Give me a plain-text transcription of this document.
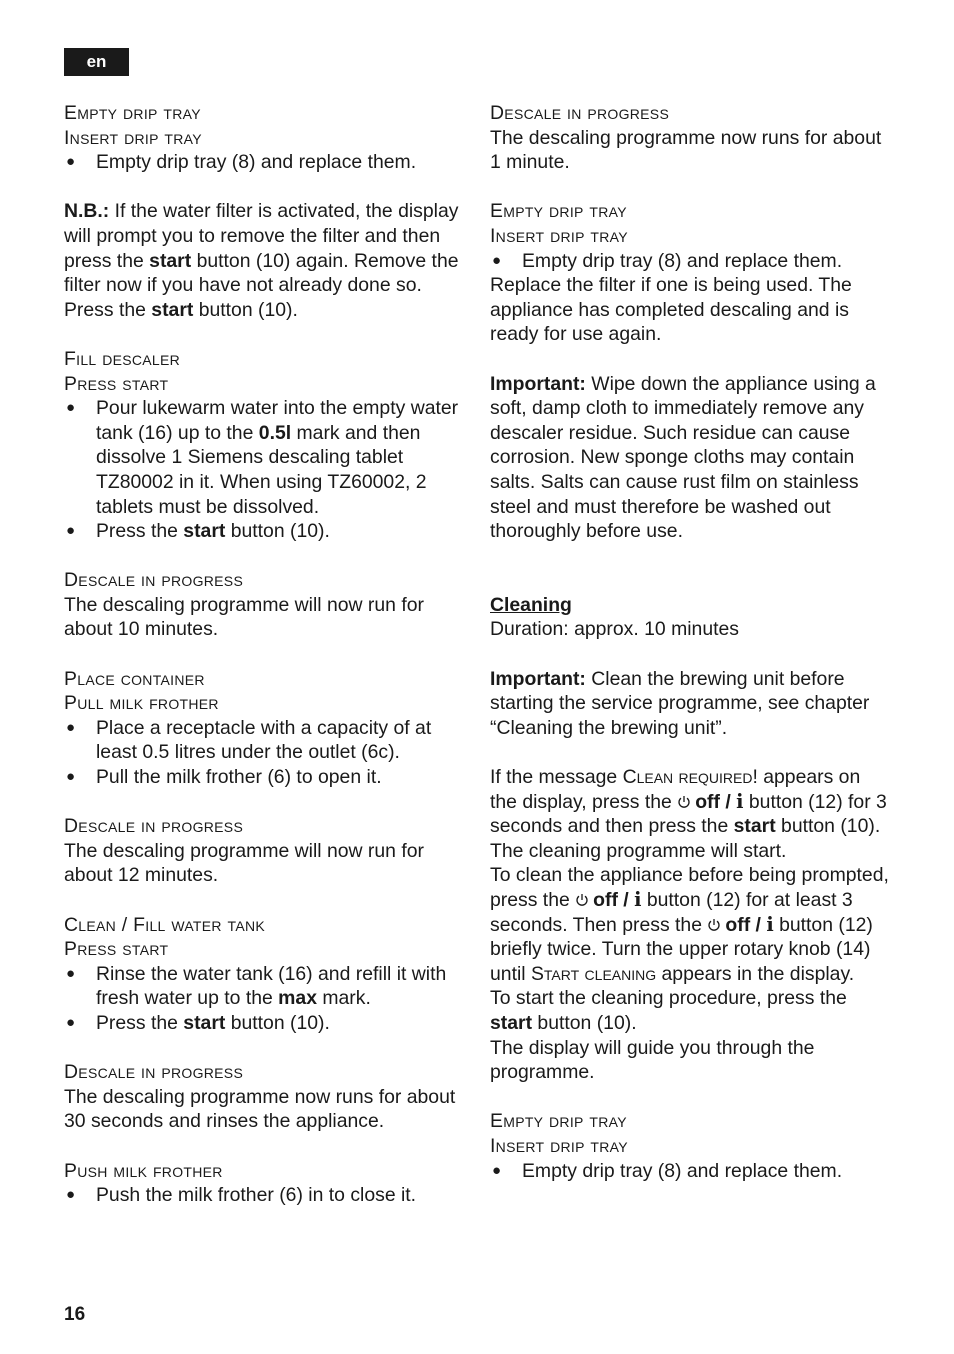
en

Empty drip tray

Insert drip tray

● Empty drip tray (8) and replace them.

N.B.: If the water filter is activated, the display will prompt you to remove the filter and then press the start button (10) again. Remove the filter now if you have not already done so. Press the start button (10).

Fill descaler

Press start

● Pour lukewarm water into the empty water tank (16) up to the 0.5l mark and then dissolve 1 Siemens descaling tablet TZ80002 in it. When using TZ60002, 2 tablets must be dissolved.

● Press the start button (10).

Descale in progress

The descaling programme will now run for about 10 minutes.

Place container

Pull milk frother

● Place a receptacle with a capacity of at least 0.5 litres under the outlet (6c).

● Pull the milk frother (6) to open it.

Descale in progress

The descaling programme will now run for about 12 minutes.

Clean / Fill water tank

Press start

● Rinse the water tank (16) and refill it with fresh water up to the max mark.

● Press the start button (10).

Descale in progress

The descaling programme now runs for about 30 seconds and rinses the appliance.

Push milk frother

● Push the milk frother (6) in to close it.

Descale in progress

The descaling programme now runs for about 1 minute.

Empty drip tray

Insert drip tray

● Empty drip tray (8) and replace them.

Replace the filter if one is being used. The appliance has completed descaling and is ready for use again.

Important: Wipe down the appliance using a soft, damp cloth to immediately remove any descaler residue. Such residue can cause corrosion. New sponge cloths may contain salts. Salts can cause rust film on stainless steel and must therefore be washed out thoroughly before use.

Cleaning

Duration: approx. 10 minutes

Important: Clean the brewing unit before starting the service programme, see chapter “Cleaning the brewing unit”.

If the message Clean required! appears on the display, press the off / i button (12) for 3 seconds and then press the start button (10).

The cleaning programme will start.

To clean the appliance before being prompted, press the off / i button (12) for at least 3 seconds. Then press the off / i button (12) briefly twice. Turn the upper rotary knob (14) until Start cleaning appears in the display.

To start the cleaning procedure, press the start button (10).

The display will guide you through the programme.

Empty drip tray

Insert drip tray

● Empty drip tray (8) and replace them.

16
